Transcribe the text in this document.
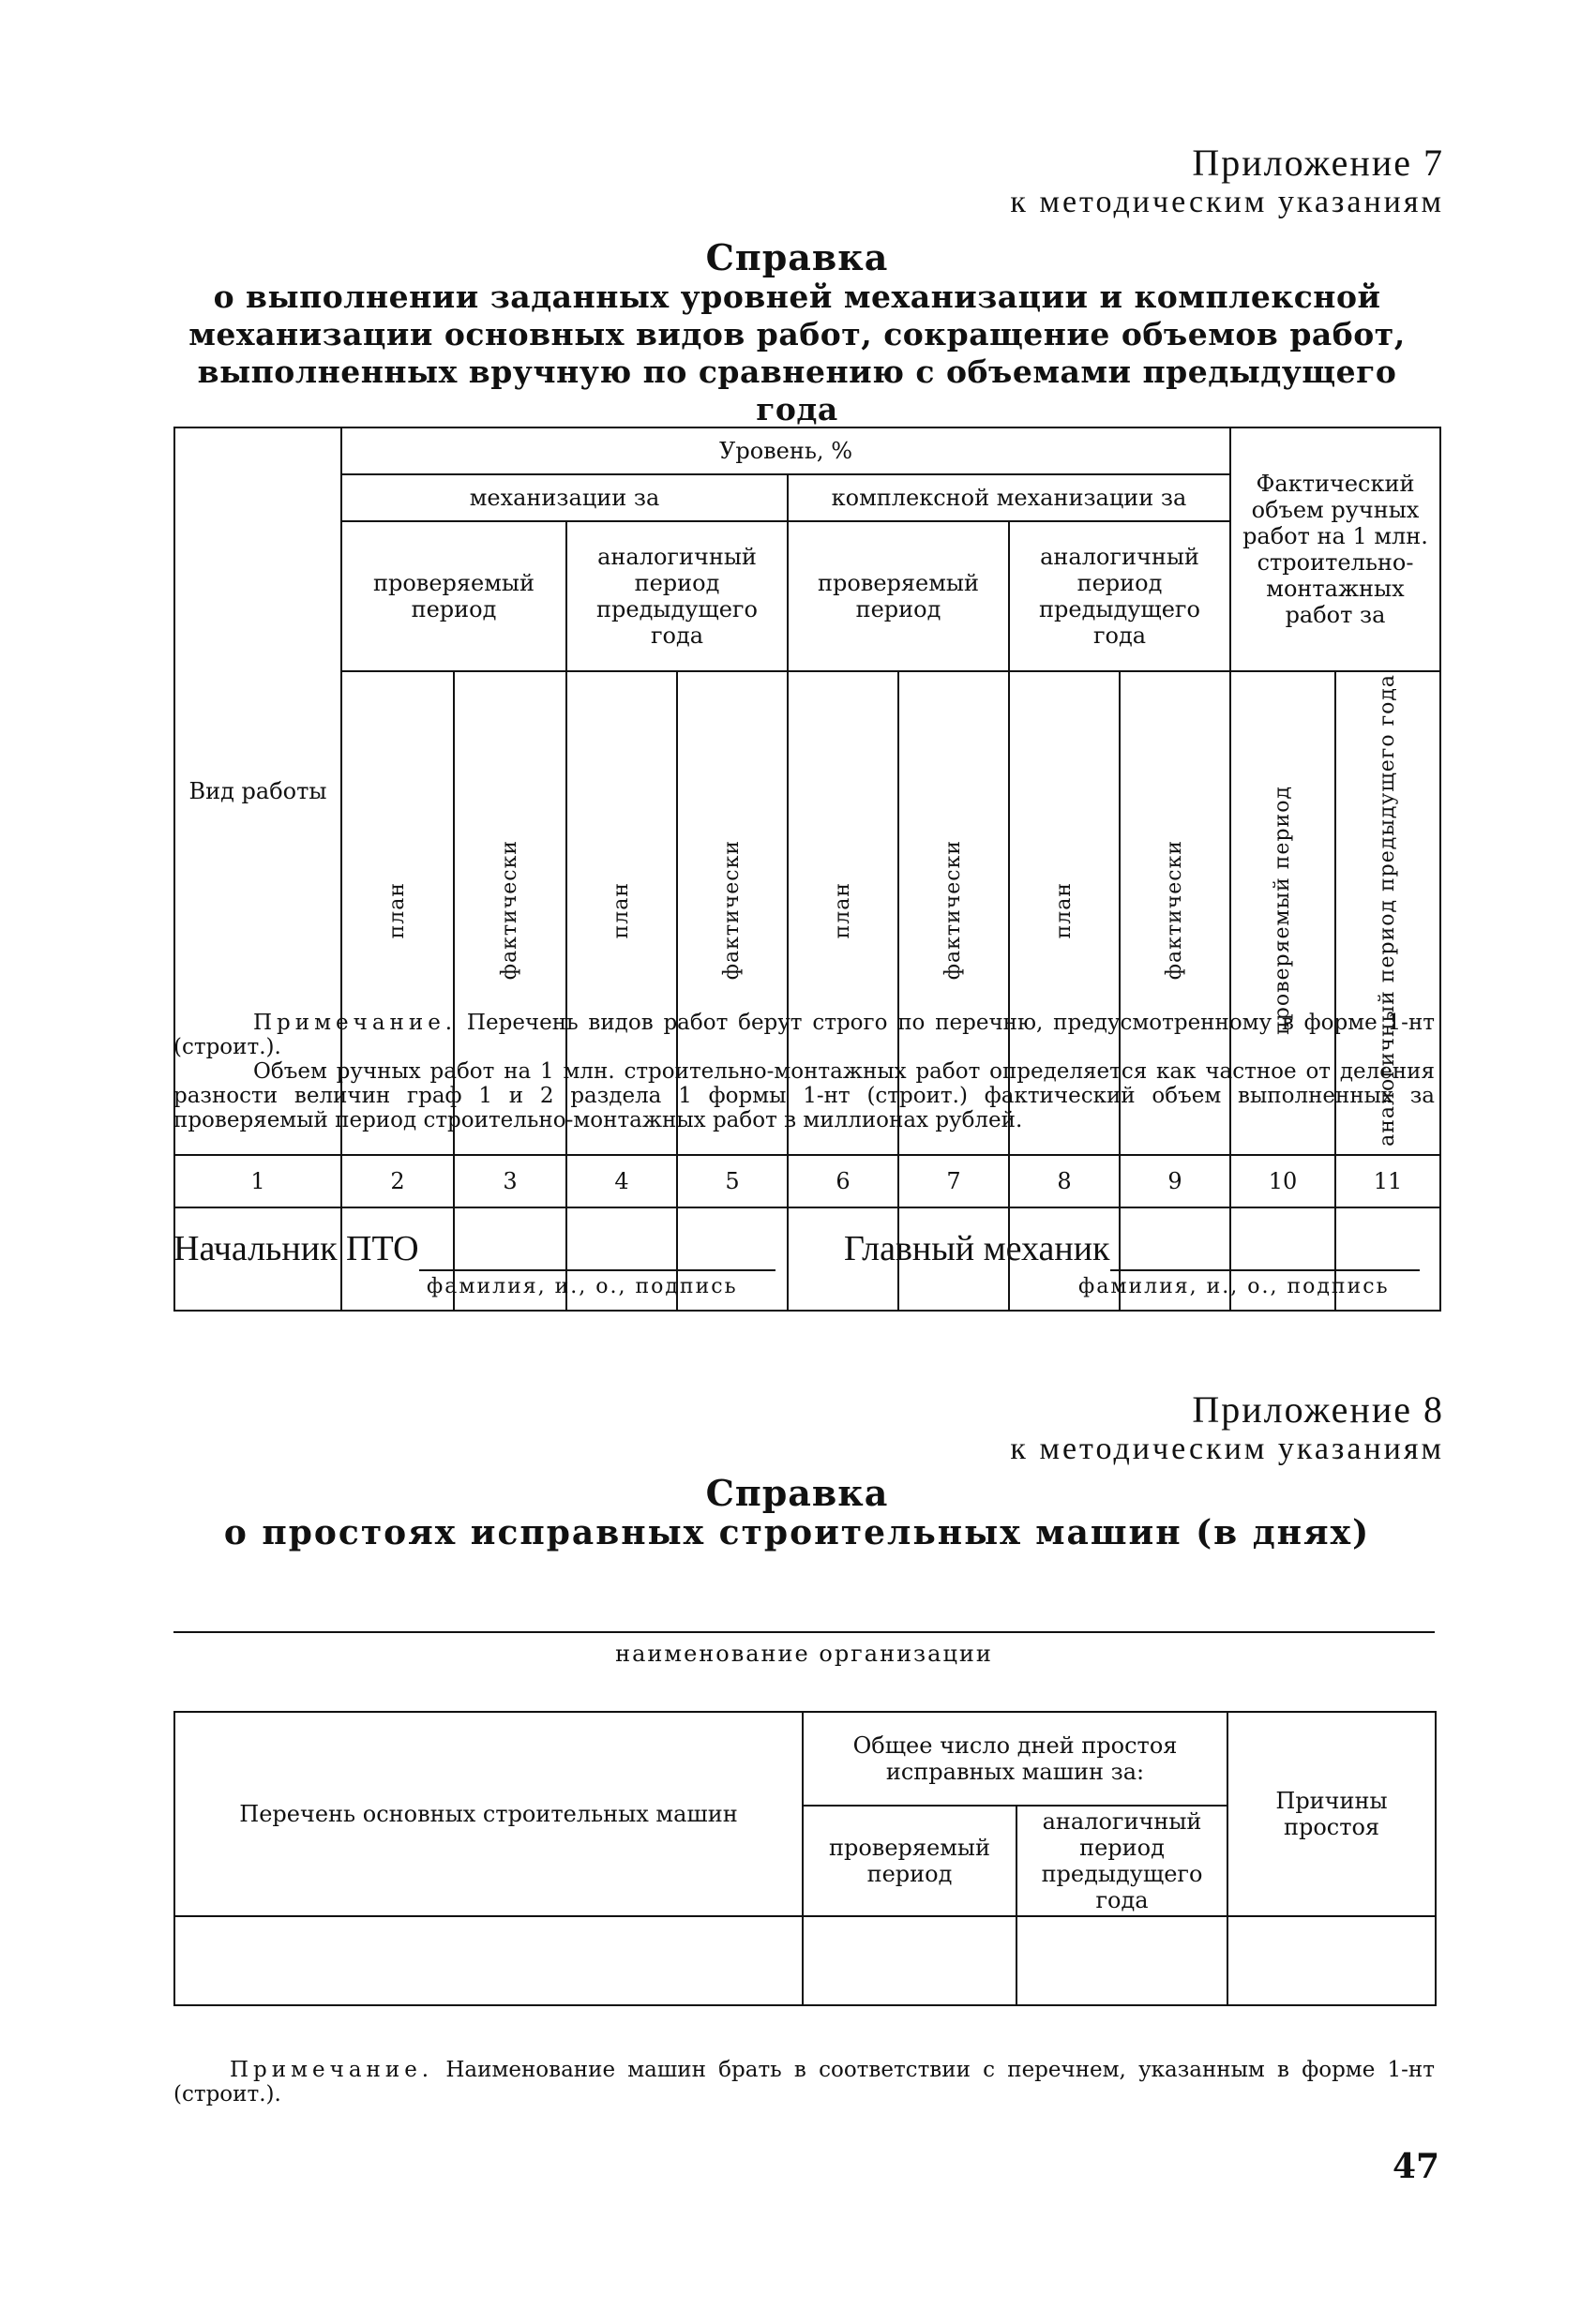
Приложение 7
к методическим указаниям
Справка
о выполнении заданных уровней механизации и комплексной
механизации основных видов работ, сокращение объемов работ,
выполненных вручную по сравнению с объемами предыдущего года
Вид работы	Уровень, %								Фактический объем ручных работ на 1 млн. строительно-монтажных работ за	
	механизации за				комплексной механизации за					
	проверяемый период		аналогичный период предыдущего года		проверяемый период		аналогичный период предыдущего года			
	план	фактически	план	фактически	план	фактически	план	фактически	проверяемый период	аналогичный период предыдущего года

1	2	3	4	5	6	7	8	9	10	11

Примечание. Перечень видов работ берут строго по перечню, предусмотренному в форме 1-нт (строит.).
Объем ручных работ на 1 млн. строительно-монтажных работ определяется как частное от деления разности величин граф 1 и 2 раздела 1 формы 1-нт (строит.) фактический объем выполненных за проверяемый период строительно-монтажных работ в миллионах рублей.
Начальник ПТО
фамилия, и., о., подпись
Главный механик
фамилия, и., о., подпись
Приложение 8
к методическим указаниям
Справка
о простоях исправных строительных машин (в днях)
наименование организации
Перечень основных строительных машин	Общее число дней простоя исправных машин за:		Причины простоя
	проверяемый период	аналогичный период предыдущего года	

Примечание. Наименование машин брать в соответствии с перечнем, указанным в форме 1-нт (строит.).
47
